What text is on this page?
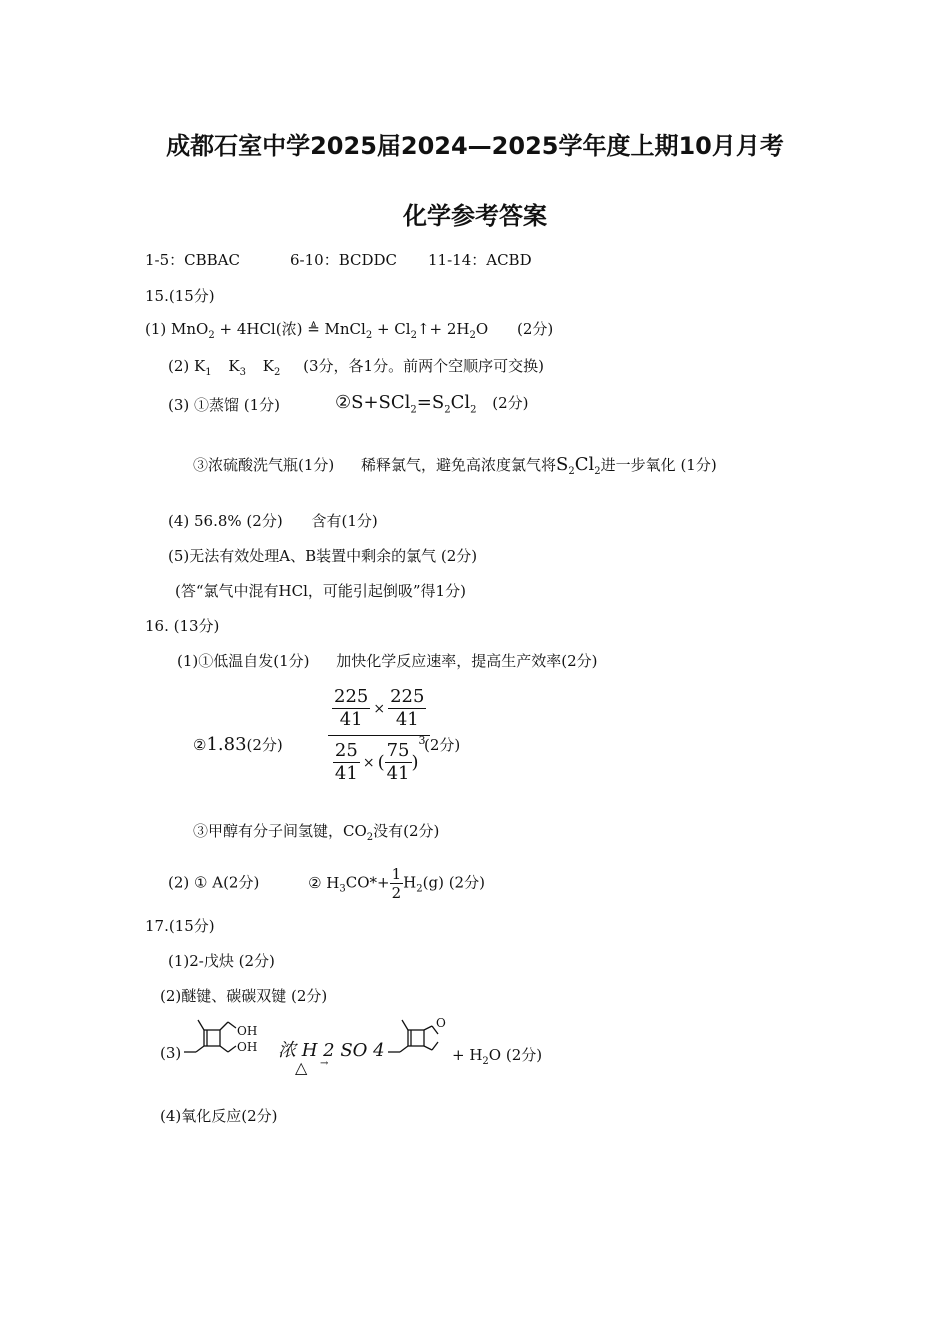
成都石室中学2025届2024—2025学年度上期10月月考
化学参考答案
1-5：CBBAC	6-10：BCDDC 11-14：ACBD
15.(15分)
(1) MnO$_2$ + 4HCl(浓) ≜ MnCl$_2$ + $Cl_2↑+ 2H_2O$ (2分)
(2) $K_1$ $K_3$ $K_2$ (3分，各1分。前两个空顺序可交换)
(3) ①蒸馏 (1分)	$②S+SCl_2=S_2Cl_2$ (2分)
③浓硫酸洗气瓶(1分) 稀释氯气，避免高浓度氯气将$S_2Cl_2$进一步氧化 (1分)
(4) 56.8% (2分) 含有(1分)
(5)无法有效处理A、B装置中剩余的氯气 (2分)
(答“氯气中混有HCl，可能引起倒吸”得1分)
16. (13分)
(1)①低温自发(1分) 加快化学反应速率，提高生产效率(2分)
②1.83(2分)
$\frac{225}{41} \times \frac{225}{41}$
$\frac{25}{41}$ × ( $\frac{75}{41}$ )
$^3$
(2分)
③甲醇有分子间氢键，$CO_2$没有(2分)
(2) ① A(2分)	② $H_3CO*+ \frac{1}{2} H_2(g)$ (2分)
17.(15分)
(1)2-戊炔 (2分)
(2)醚键、碳碳双键 (2分)
(3)
OH
OH 浓 H 2 SO 4
△ →
O
+ $H_2O$ (2分)
(4)氧化反应(2分)
